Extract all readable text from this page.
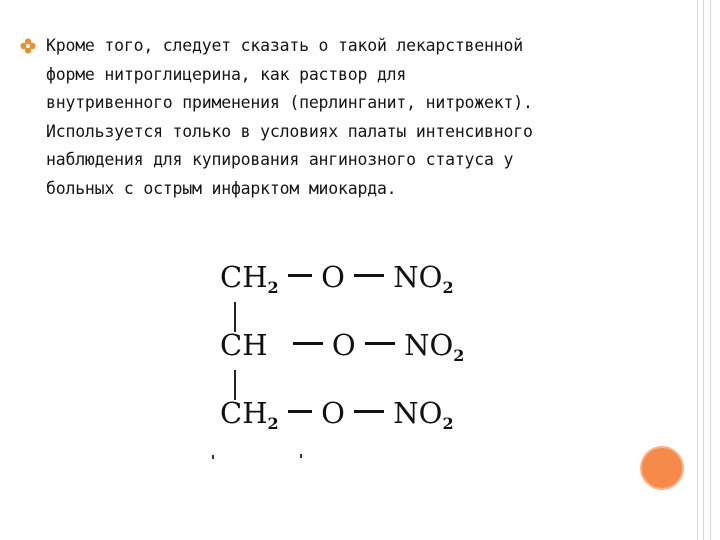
Кроме того, следует сказать о такой лекарственной
форме нитроглицерина, как раствор для
внутривенного применения (перлинганит, нитрожект).
Используется только в условиях палаты интенсивного
наблюдения для купирования ангинозного статуса у
больных с острым инфарктом миокарда.
CH2 O NO2
CH O NO2
CH2 O NO2
